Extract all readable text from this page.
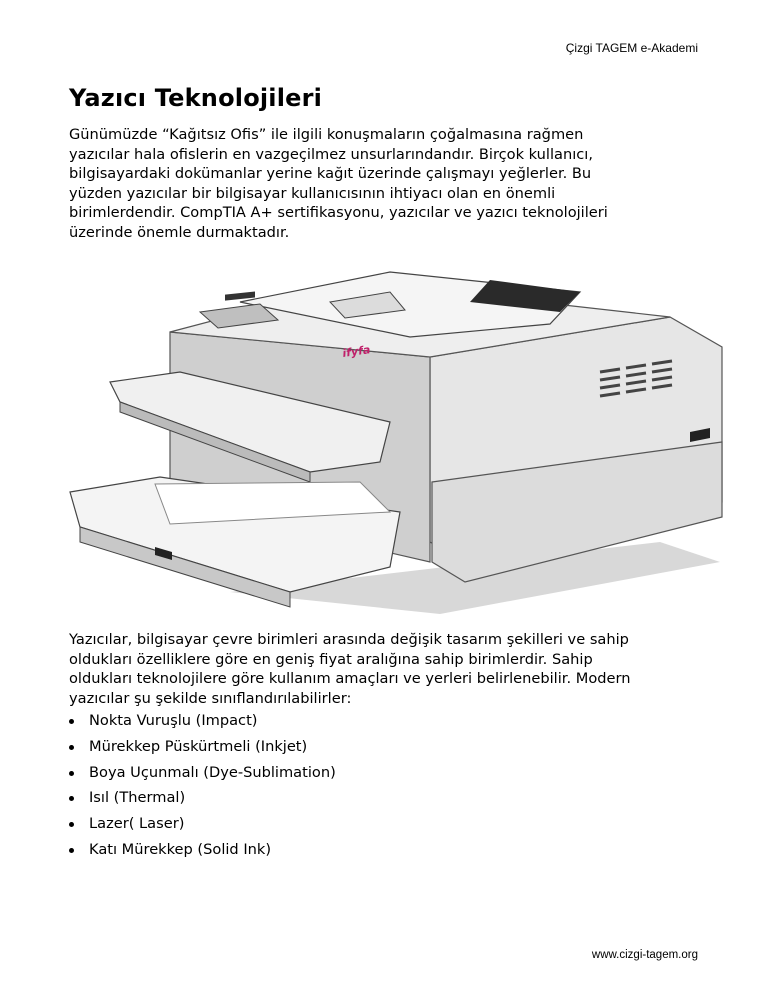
Çizgi TAGEM e-Akademi
Yazıcı Teknolojileri
Günümüzde “Kağıtsız Ofis” ile ilgili konuşmaların çoğalmasına rağmen
yazıcılar hala ofislerin en vazgeçilmez unsurlarındandır. Birçok kullanıcı,
bilgisayardaki dokümanlar yerine kağıt üzerinde çalışmayı yeğlerler. Bu
yüzden yazıcılar bir bilgisayar kullanıcısının ihtiyacı olan en önemli
birimlerdendir. CompTIA A+ sertifikasyonu, yazıcılar ve yazıcı teknolojileri
üzerinde önemle durmaktadır.
ifyfa
Yazıcılar, bilgisayar çevre birimleri arasında değişik tasarım şekilleri ve sahip
oldukları özelliklere göre en geniş fiyat aralığına sahip birimlerdir. Sahip
oldukları teknolojilere göre kullanım amaçları ve yerleri belirlenebilir. Modern
yazıcılar şu şekilde sınıflandırılabilirler:
Nokta Vuruşlu (Impact)
Mürekkep Püskürtmeli (Inkjet)
Boya Uçunmalı (Dye-Sublimation)
Isıl (Thermal)
Lazer( Laser)
Katı Mürekkep (Solid Ink)
www.cizgi-tagem.org
